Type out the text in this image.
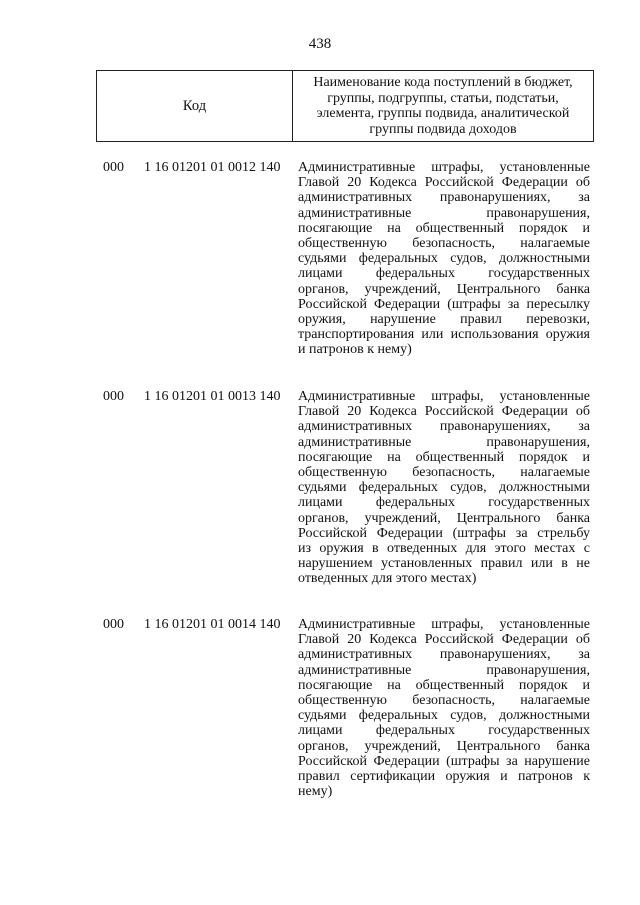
438
Код
Наименование кода поступлений в бюджет, группы, подгруппы, статьи, подстатьи, элемента, группы подвида, аналитической группы подвида доходов
000 1 16 01201 01 0012 140 Административные штрафы, установленные
Главой 20 Кодекса Российской Федерации об
административных правонарушениях, за
административные правонарушения,
посягающие на общественный порядок и
общественную безопасность, налагаемые
судьями федеральных судов, должностными
лицами федеральных государственных
органов, учреждений, Центрального банка
Российской Федерации (штрафы за пересылку
оружия, нарушение правил перевозки,
транспортирования или использования оружия
и патронов к нему)
000 1 16 01201 01 0013 140 Административные штрафы, установленные
Главой 20 Кодекса Российской Федерации об
административных правонарушениях, за
административные правонарушения,
посягающие на общественный порядок и
общественную безопасность, налагаемые
судьями федеральных судов, должностными
лицами федеральных государственных
органов, учреждений, Центрального банка
Российской Федерации (штрафы за стрельбу
из оружия в отведенных для этого местах с
нарушением установленных правил или в не
отведенных для этого местах)
000 1 16 01201 01 0014 140 Административные штрафы, установленные
Главой 20 Кодекса Российской Федерации об
административных правонарушениях, за
административные правонарушения,
посягающие на общественный порядок и
общественную безопасность, налагаемые
судьями федеральных судов, должностными
лицами федеральных государственных
органов, учреждений, Центрального банка
Российской Федерации (штрафы за нарушение
правил сертификации оружия и патронов к
нему)
